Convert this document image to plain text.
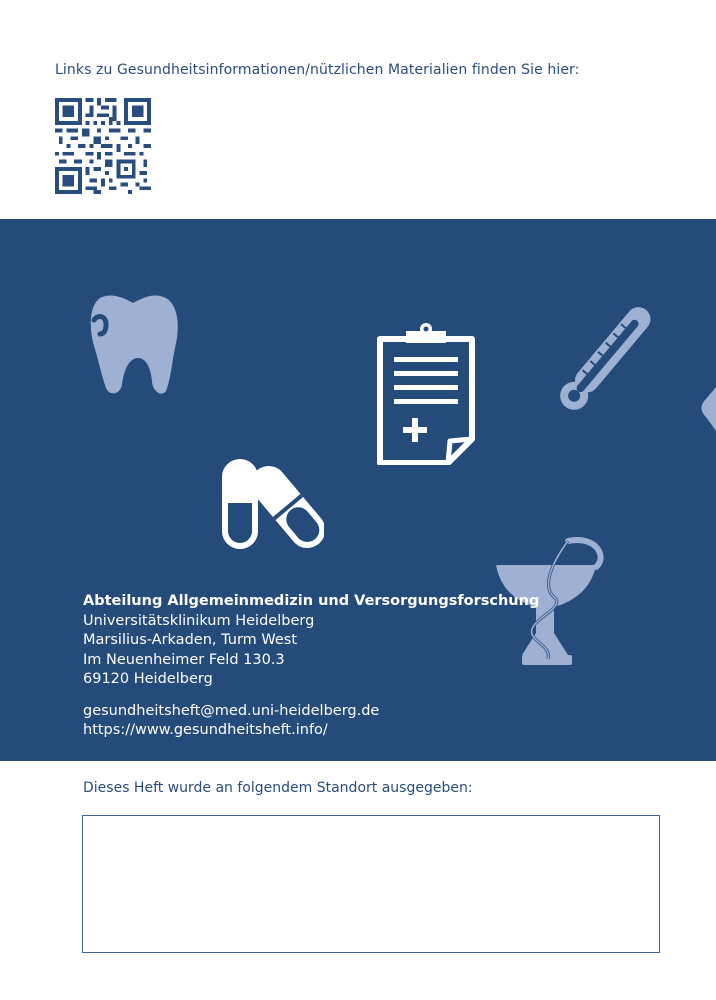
Links zu Gesundheitsinformationen/nützlichen Materialien finden Sie hier:
Abteilung Allgemeinmedizin und Versorgungsforschung
Universitätsklinikum Heidelberg
Marsilius-Arkaden, Turm West
Im Neuenheimer Feld 130.3
69120 Heidelberg
gesundheitsheft@med.uni-heidelberg.de
https://www.gesundheitsheft.info/
Dieses Heft wurde an folgendem Standort ausgegeben:
